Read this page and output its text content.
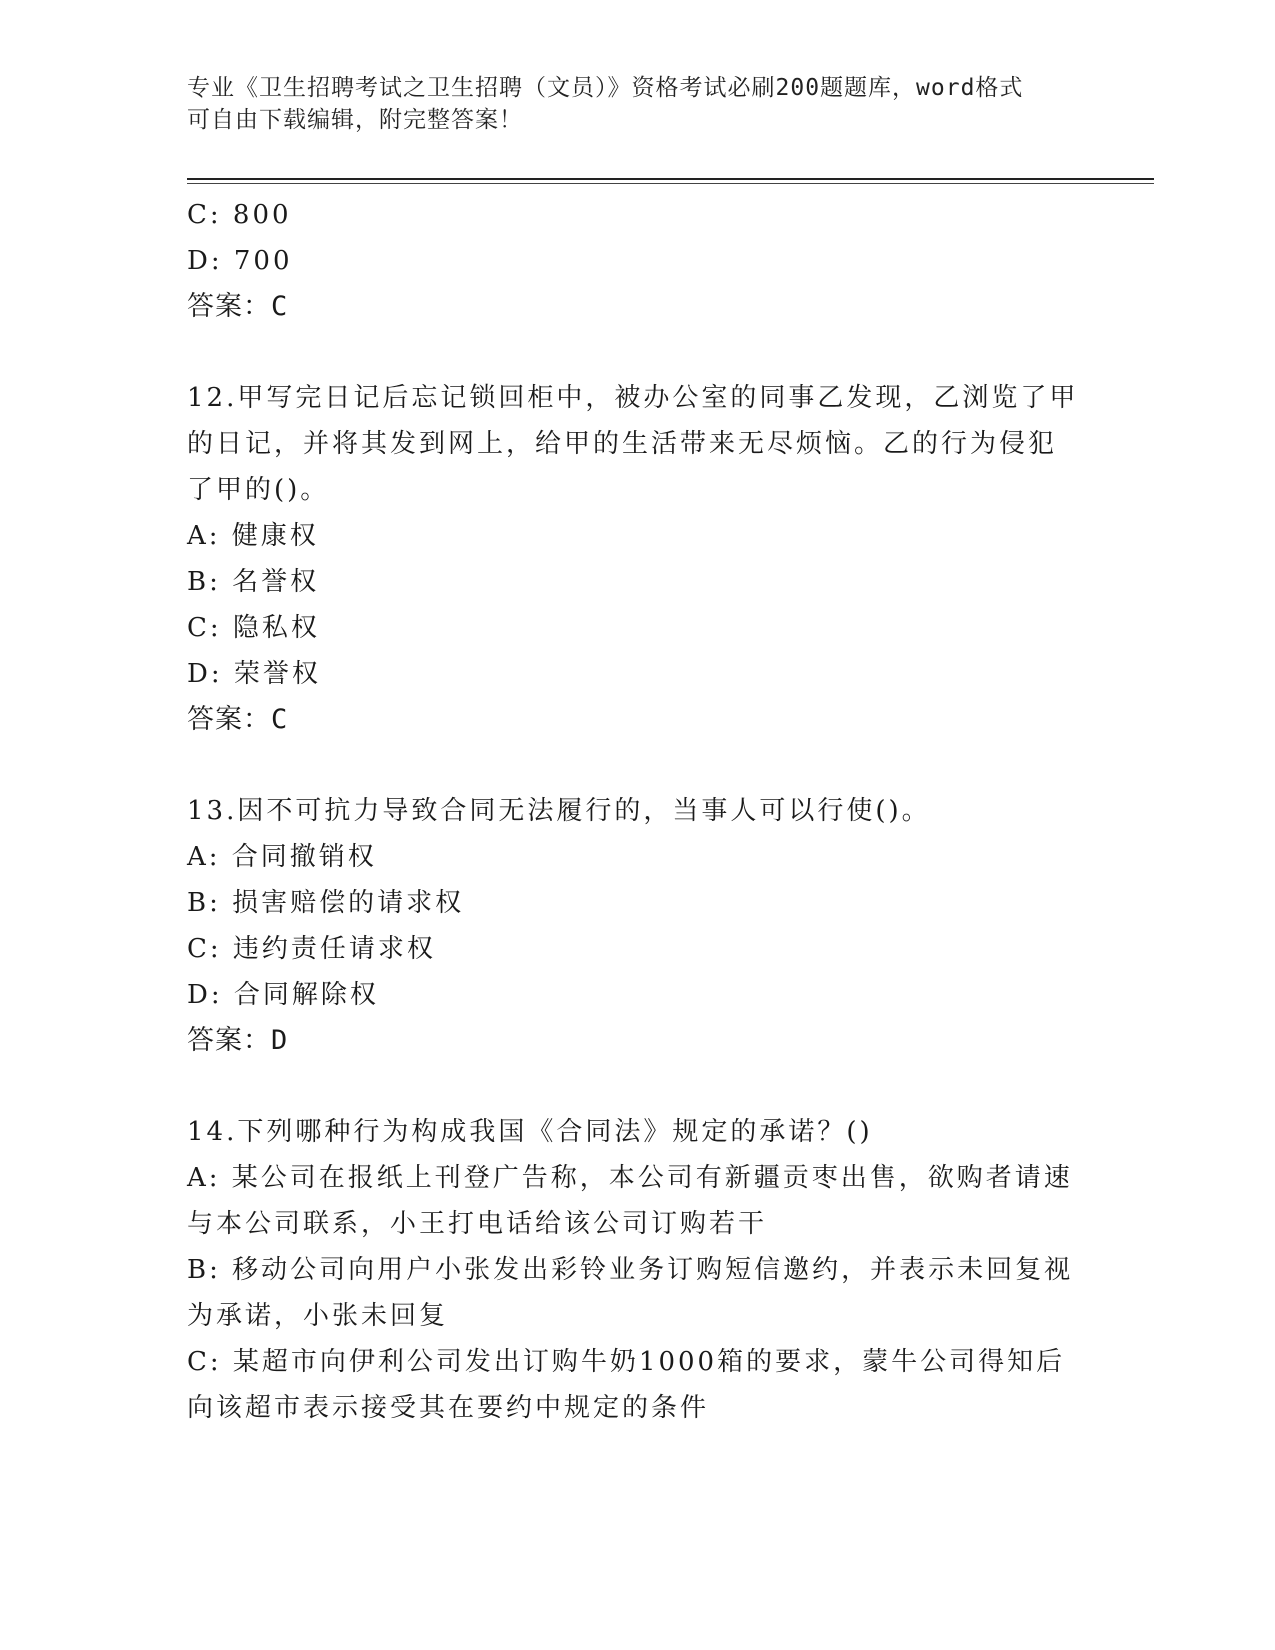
专业《卫生招聘考试之卫生招聘（文员）》资格考试必刷200题题库，word格式
可自由下载编辑，附完整答案！
C: 800
D: 700
答案：C
12.甲写完日记后忘记锁回柜中，被办公室的同事乙发现，乙浏览了甲
的日记，并将其发到网上，给甲的生活带来无尽烦恼。乙的行为侵犯
了甲的()。
A: 健康权
B: 名誉权
C: 隐私权
D: 荣誉权
答案：C
13.因不可抗力导致合同无法履行的，当事人可以行使()。
A: 合同撤销权
B: 损害赔偿的请求权
C: 违约责任请求权
D: 合同解除权
答案：D
14.下列哪种行为构成我国《合同法》规定的承诺？()
A: 某公司在报纸上刊登广告称，本公司有新疆贡枣出售，欲购者请速
与本公司联系，小王打电话给该公司订购若干
B: 移动公司向用户小张发出彩铃业务订购短信邀约，并表示未回复视
为承诺，小张未回复
C: 某超市向伊利公司发出订购牛奶1000箱的要求，蒙牛公司得知后
向该超市表示接受其在要约中规定的条件
